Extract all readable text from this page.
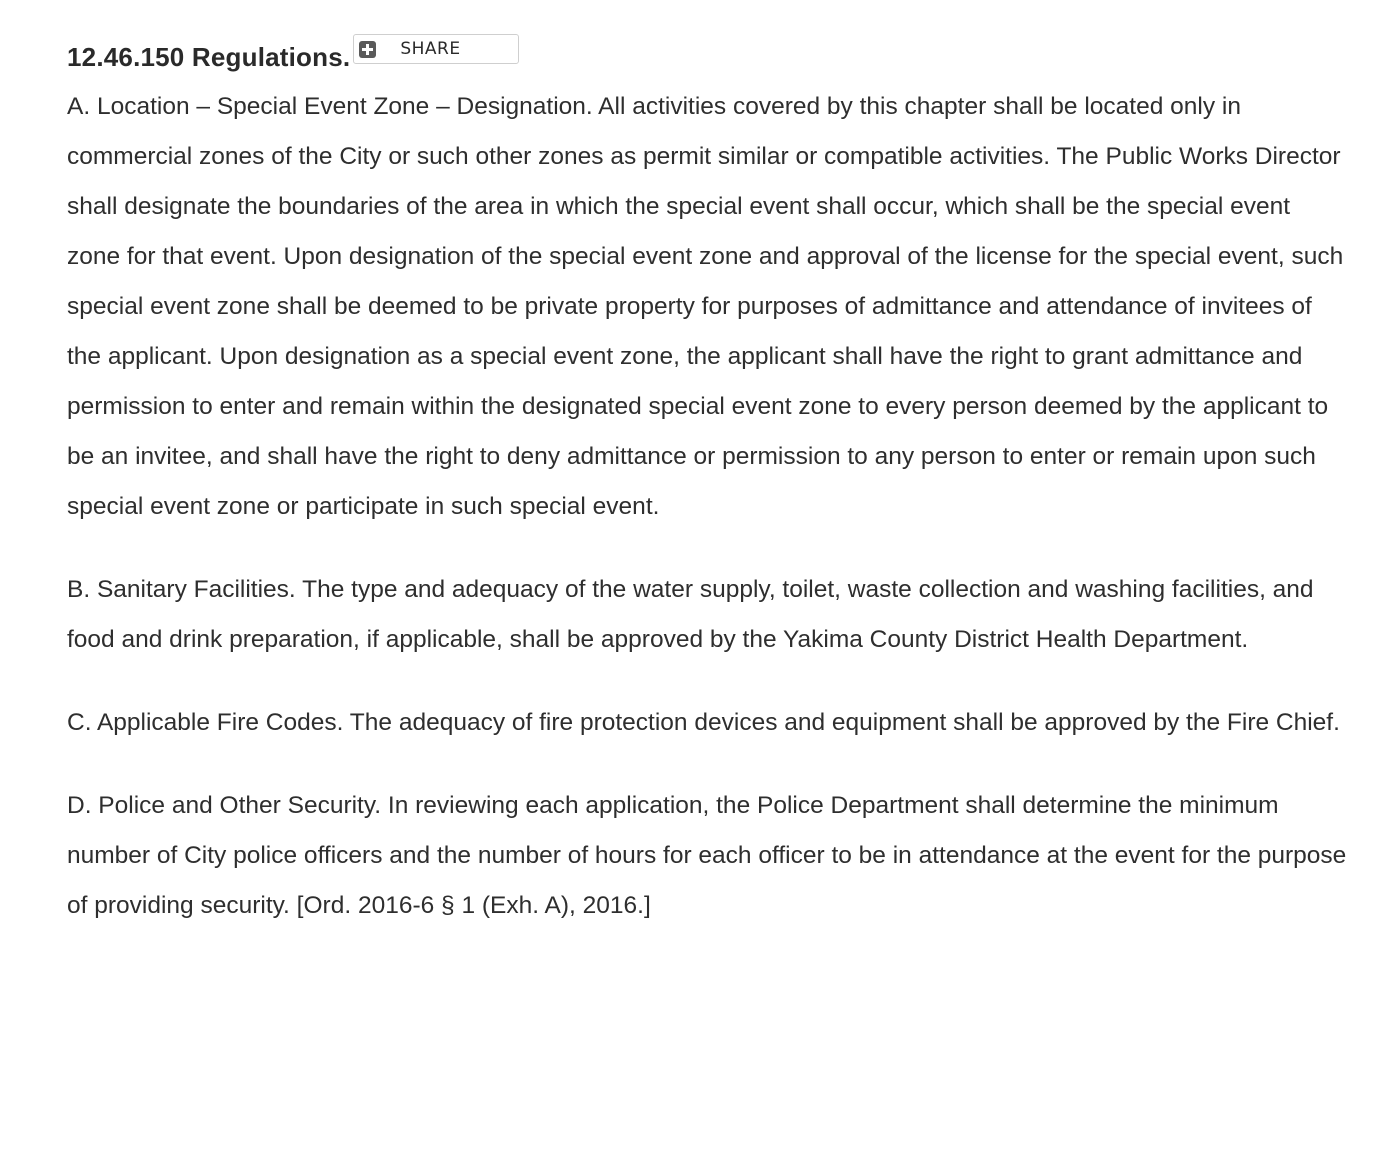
12.46.150 Regulations.	SHARE

A. Location – Special Event Zone – Designation. All activities covered by this chapter shall be located only in commercial zones of the City or such other zones as permit similar or compatible activities. The Public Works Director shall designate the boundaries of the area in which the special event shall occur, which shall be the special event zone for that event. Upon designation of the special event zone and approval of the license for the special event, such special event zone shall be deemed to be private property for purposes of admittance and attendance of invitees of the applicant. Upon designation as a special event zone, the applicant shall have the right to grant admittance and permission to enter and remain within the designated special event zone to every person deemed by the applicant to be an invitee, and shall have the right to deny admittance or permission to any person to enter or remain upon such special event zone or participate in such special event.

B. Sanitary Facilities. The type and adequacy of the water supply, toilet, waste collection and washing facilities, and food and drink preparation, if applicable, shall be approved by the Yakima County District Health Department.

C. Applicable Fire Codes. The adequacy of fire protection devices and equipment shall be approved by the Fire Chief.

D. Police and Other Security. In reviewing each application, the Police Department shall determine the minimum number of City police officers and the number of hours for each officer to be in attendance at the event for the purpose of providing security. [Ord. 2016-6 § 1 (Exh. A), 2016.]
